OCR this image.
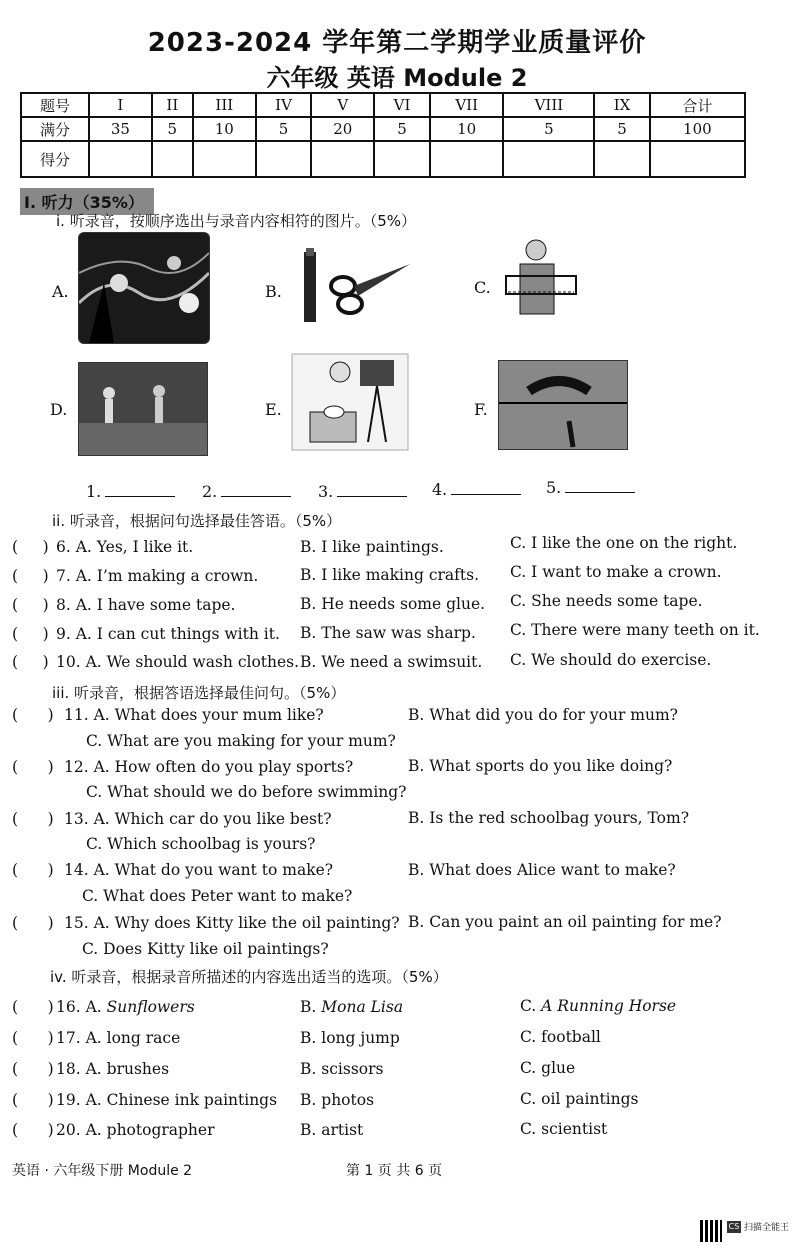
2023-2024 学年第二学期学业质量评价
六年级 英语 Module 2
题号	I	II	III	IV	V	VI	VII	VIII	IX	合计
满分	35	5	10	5	20	5	10	5	5	100
得分										
I. 听力（35%）
i. 听录音，按顺序选出与录音内容相符的图片。（5%）
A.	B.	C.
D.	E.	F.
1.	2.	3.	4.	5.
ii. 听录音，根据问句选择最佳答语。（5%）
(     ) 6. A. Yes, I like it.	B. I like paintings.	C. I like the one on the right.
(     ) 7. A. I’m making a crown.	B. I like making crafts. C. I want to make a crown.
(     ) 8. A. I have some tape.	B. He needs some glue. C. She needs some tape.
(     ) 9. A. I can cut things with it. B. The saw was sharp. C. There were many teeth on it.
(     ) 10. A. We should wash clothes. B. We need a swimsuit. C. We should do exercise.
iii. 听录音，根据答语选择最佳问句。（5%）
(      ) 11. A. What does your mum like?	B. What did you do for your mum?
C. What are you making for your mum?
(      ) 12. A. How often do you play sports?	B. What sports do you like doing?
C. What should we do before swimming?
(      ) 13. A. Which car do you like best?	B. Is the red schoolbag yours, Tom?
C. Which schoolbag is yours?
(      ) 14. A. What do you want to make?	B. What does Alice want to make?
C. What does Peter want to make?
(      ) 15. A. Why does Kitty like the oil painting? B. Can you paint an oil painting for me?
C. Does Kitty like oil paintings?
iv. 听录音，根据录音所描述的内容选出适当的选项。（5%）
(      ) 16. A. Sunflowers	B. Mona Lisa	C. A Running Horse
(      ) 17. A. long race	B. long jump	C. football
(      ) 18. A. brushes	B. scissors	C. glue
(      ) 19. A. Chinese ink paintings B. photos	C. oil paintings
(      ) 20. A. photographer	B. artist	C. scientist
英语 · 六年级下册 Module 2	第 1 页 共 6 页
CS 扫描全能王
